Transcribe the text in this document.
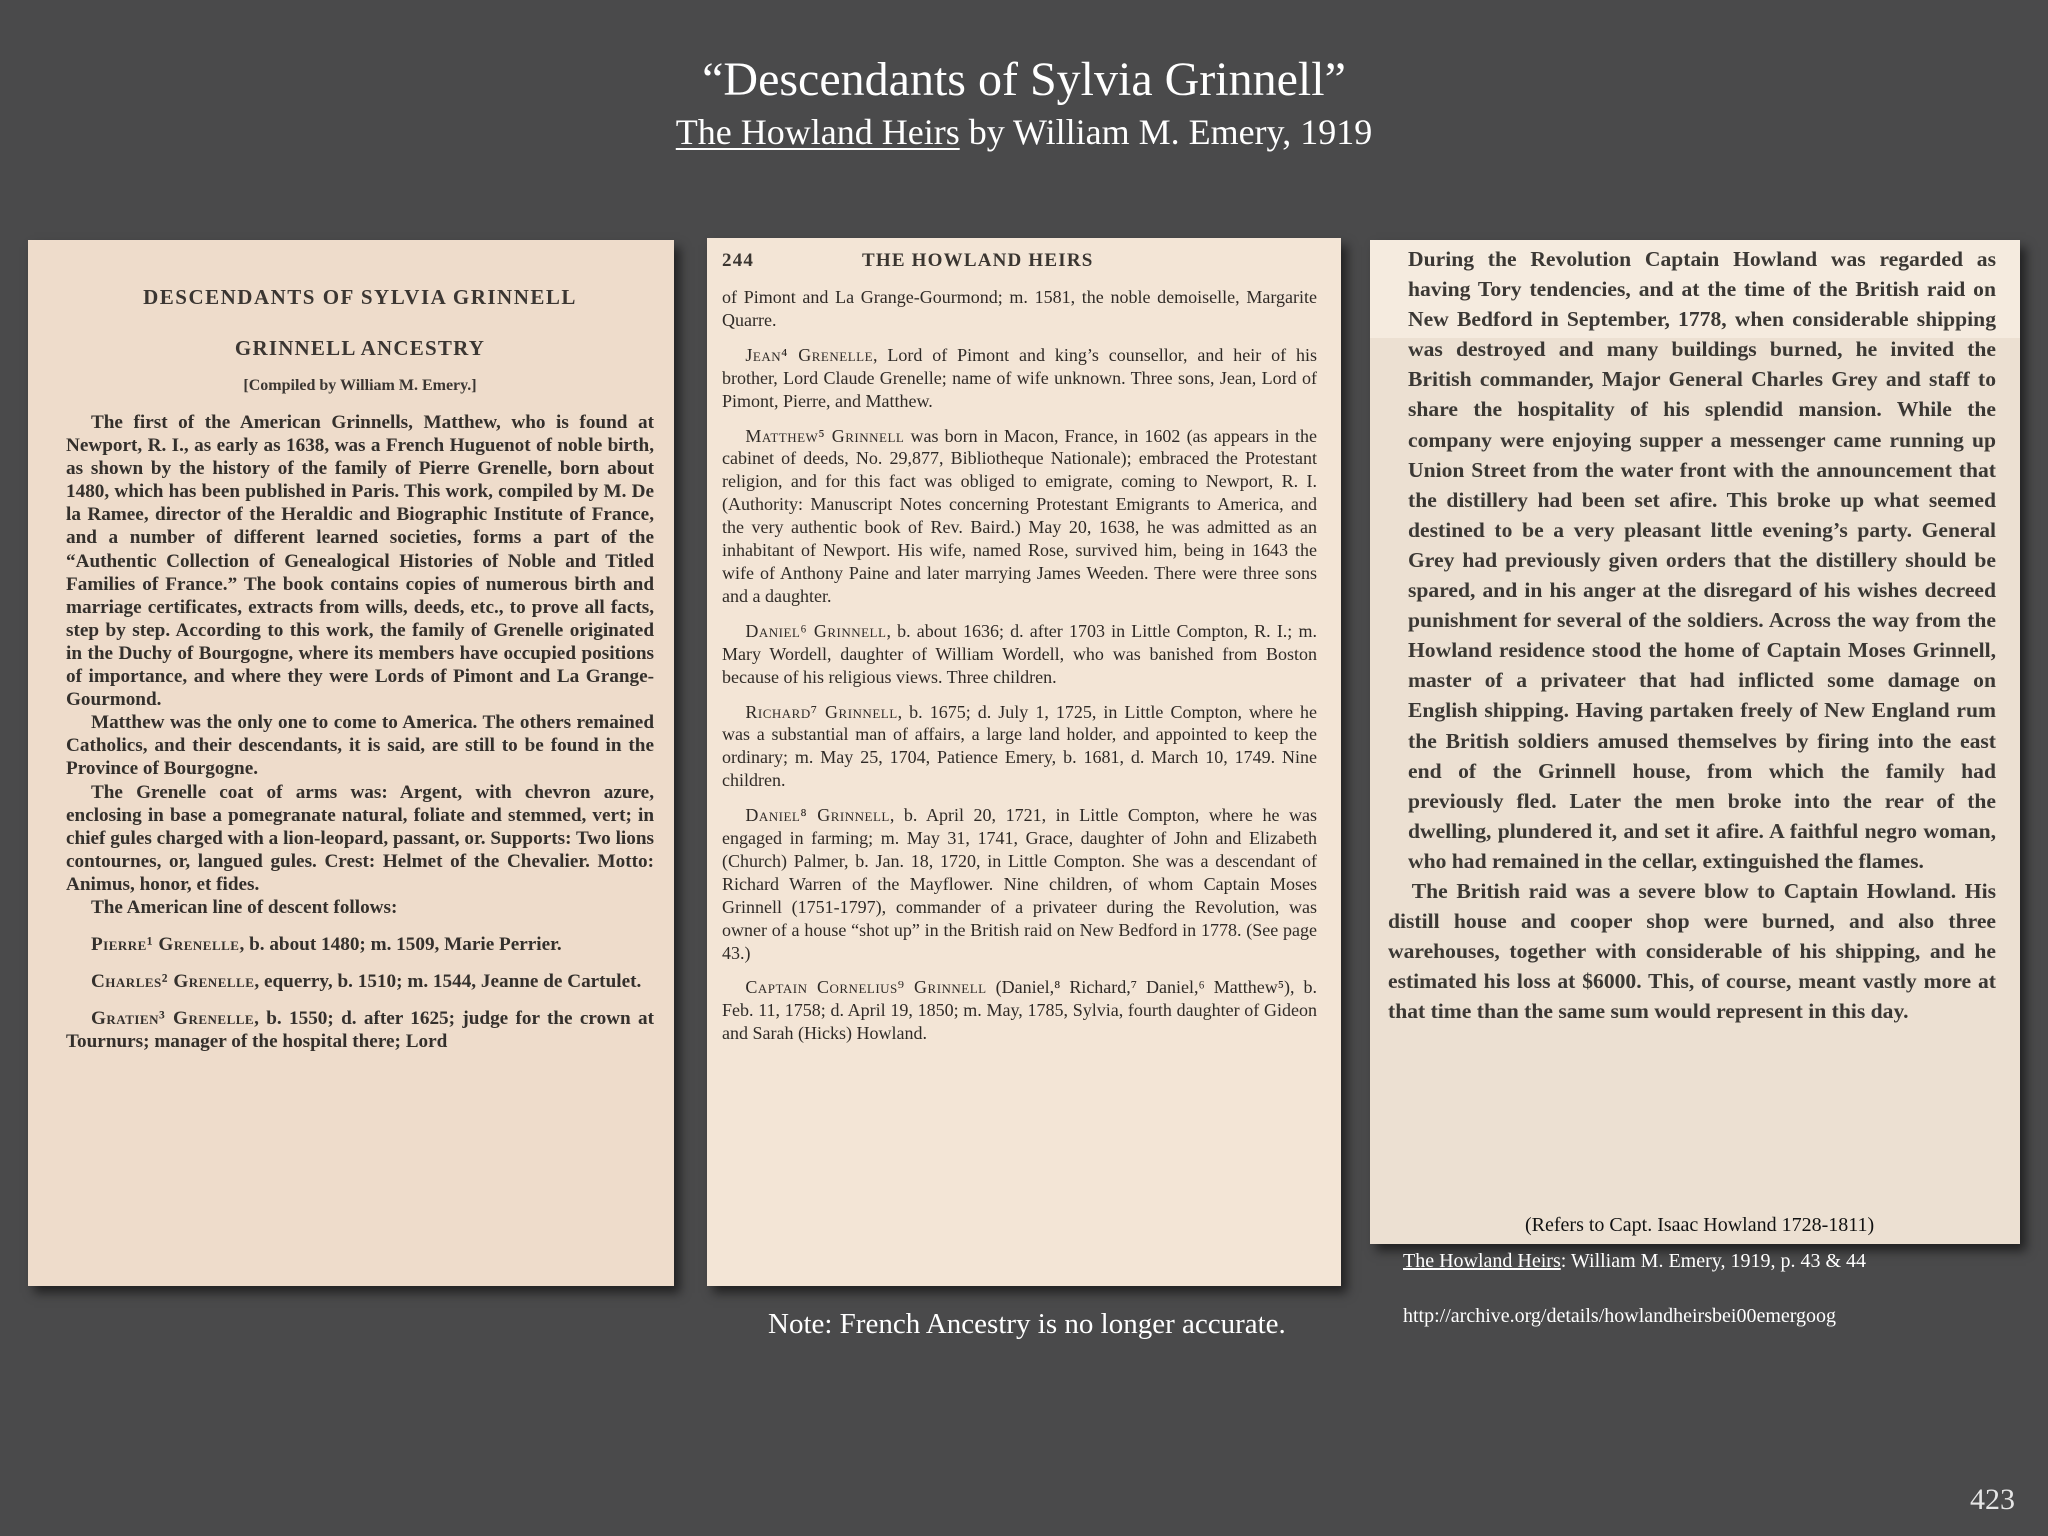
“Descendants of Sylvia Grinnell”
The Howland Heirs by William M. Emery, 1919
DESCENDANTS OF SYLVIA GRINNELL
GRINNELL ANCESTRY
[Compiled by William M. Emery.]

The first of the American Grinnells, Matthew, who is found at Newport, R. I., as early as 1638, was a French Huguenot of noble birth, as shown by the history of the family of Pierre Grenelle, born about 1480, which has been published in Paris. This work, compiled by M. De la Ramee, director of the Heraldic and Biographic Institute of France, and a number of different learned societies, forms a part of the “Authentic Collection of Genealogical Histories of Noble and Titled Families of France.” The book contains copies of numerous birth and marriage certificates, extracts from wills, deeds, etc., to prove all facts, step by step. According to this work, the family of Grenelle originated in the Duchy of Bourgogne, where its members have occupied positions of importance, and where they were Lords of Pimont and La Grange-Gourmond.

Matthew was the only one to come to America. The others remained Catholics, and their descendants, it is said, are still to be found in the Province of Bourgogne.

The Grenelle coat of arms was: Argent, with chevron azure, enclosing in base a pomegranate natural, foliate and stemmed, vert; in chief gules charged with a lion-leopard, passant, or. Supports: Two lions contournes, or, langued gules. Crest: Helmet of the Chevalier. Motto: Animus, honor, et fides.

The American line of descent follows:

Pierre¹ Grenelle, b. about 1480; m. 1509, Marie Perrier.

Charles² Grenelle, equerry, b. 1510; m. 1544, Jeanne de Cartulet.

Gratien³ Grenelle, b. 1550; d. after 1625; judge for the crown at Tournurs; manager of the hospital there; Lord

244	THE HOWLAND HEIRS

of Pimont and La Grange-Gourmond; m. 1581, the noble demoiselle, Margarite Quarre.

Jean⁴ Grenelle, Lord of Pimont and king’s counsellor, and heir of his brother, Lord Claude Grenelle; name of wife unknown. Three sons, Jean, Lord of Pimont, Pierre, and Matthew.

Matthew⁵ Grinnell was born in Macon, France, in 1602 (as appears in the cabinet of deeds, No. 29,877, Bibliotheque Nationale); embraced the Protestant religion, and for this fact was obliged to emigrate, coming to Newport, R. I. (Authority: Manuscript Notes concerning Protestant Emigrants to America, and the very authentic book of Rev. Baird.) May 20, 1638, he was admitted as an inhabitant of Newport. His wife, named Rose, survived him, being in 1643 the wife of Anthony Paine and later marrying James Weeden. There were three sons and a daughter.

Daniel⁶ Grinnell, b. about 1636; d. after 1703 in Little Compton, R. I.; m. Mary Wordell, daughter of William Wordell, who was banished from Boston because of his religious views. Three children.

Richard⁷ Grinnell, b. 1675; d. July 1, 1725, in Little Compton, where he was a substantial man of affairs, a large land holder, and appointed to keep the ordinary; m. May 25, 1704, Patience Emery, b. 1681, d. March 10, 1749. Nine children.

Daniel⁸ Grinnell, b. April 20, 1721, in Little Compton, where he was engaged in farming; m. May 31, 1741, Grace, daughter of John and Elizabeth (Church) Palmer, b. Jan. 18, 1720, in Little Compton. She was a descendant of Richard Warren of the Mayflower. Nine children, of whom Captain Moses Grinnell (1751-1797), commander of a privateer during the Revolution, was owner of a house “shot up” in the British raid on New Bedford in 1778. (See page 43.)

Captain Cornelius⁹ Grinnell (Daniel,⁸ Richard,⁷ Daniel,⁶ Matthew⁵), b. Feb. 11, 1758; d. April 19, 1850; m. May, 1785, Sylvia, fourth daughter of Gideon and Sarah (Hicks) Howland.

During the Revolution Captain Howland was regarded as having Tory tendencies, and at the time of the British raid on New Bedford in September, 1778, when considerable shipping was destroyed and many buildings burned, he invited the British commander, Major General Charles Grey and staff to share the hospitality of his splendid mansion. While the company were enjoying supper a messenger came running up Union Street from the water front with the announcement that the distillery had been set afire. This broke up what seemed destined to be a very pleasant little evening’s party. General Grey had previously given orders that the distillery should be spared, and in his anger at the disregard of his wishes decreed punishment for several of the soldiers. Across the way from the Howland residence stood the home of Captain Moses Grinnell, master of a privateer that had inflicted some damage on English shipping. Having partaken freely of New England rum the British soldiers amused themselves by firing into the east end of the Grinnell house, from which the family had previously fled. Later the men broke into the rear of the dwelling, plundered it, and set it afire. A faithful negro woman, who had remained in the cellar, extinguished the flames.

The British raid was a severe blow to Captain Howland. His distill house and cooper shop were burned, and also three warehouses, together with considerable of his shipping, and he estimated his loss at $6000. This, of course, meant vastly more at that time than the same sum would represent in this day.

(Refers to Capt. Isaac Howland 1728-1811)
Note: French Ancestry is no longer accurate.
The Howland Heirs: William M. Emery, 1919, p. 43 & 44
http://archive.org/details/howlandheirsbei00emergoog
423
